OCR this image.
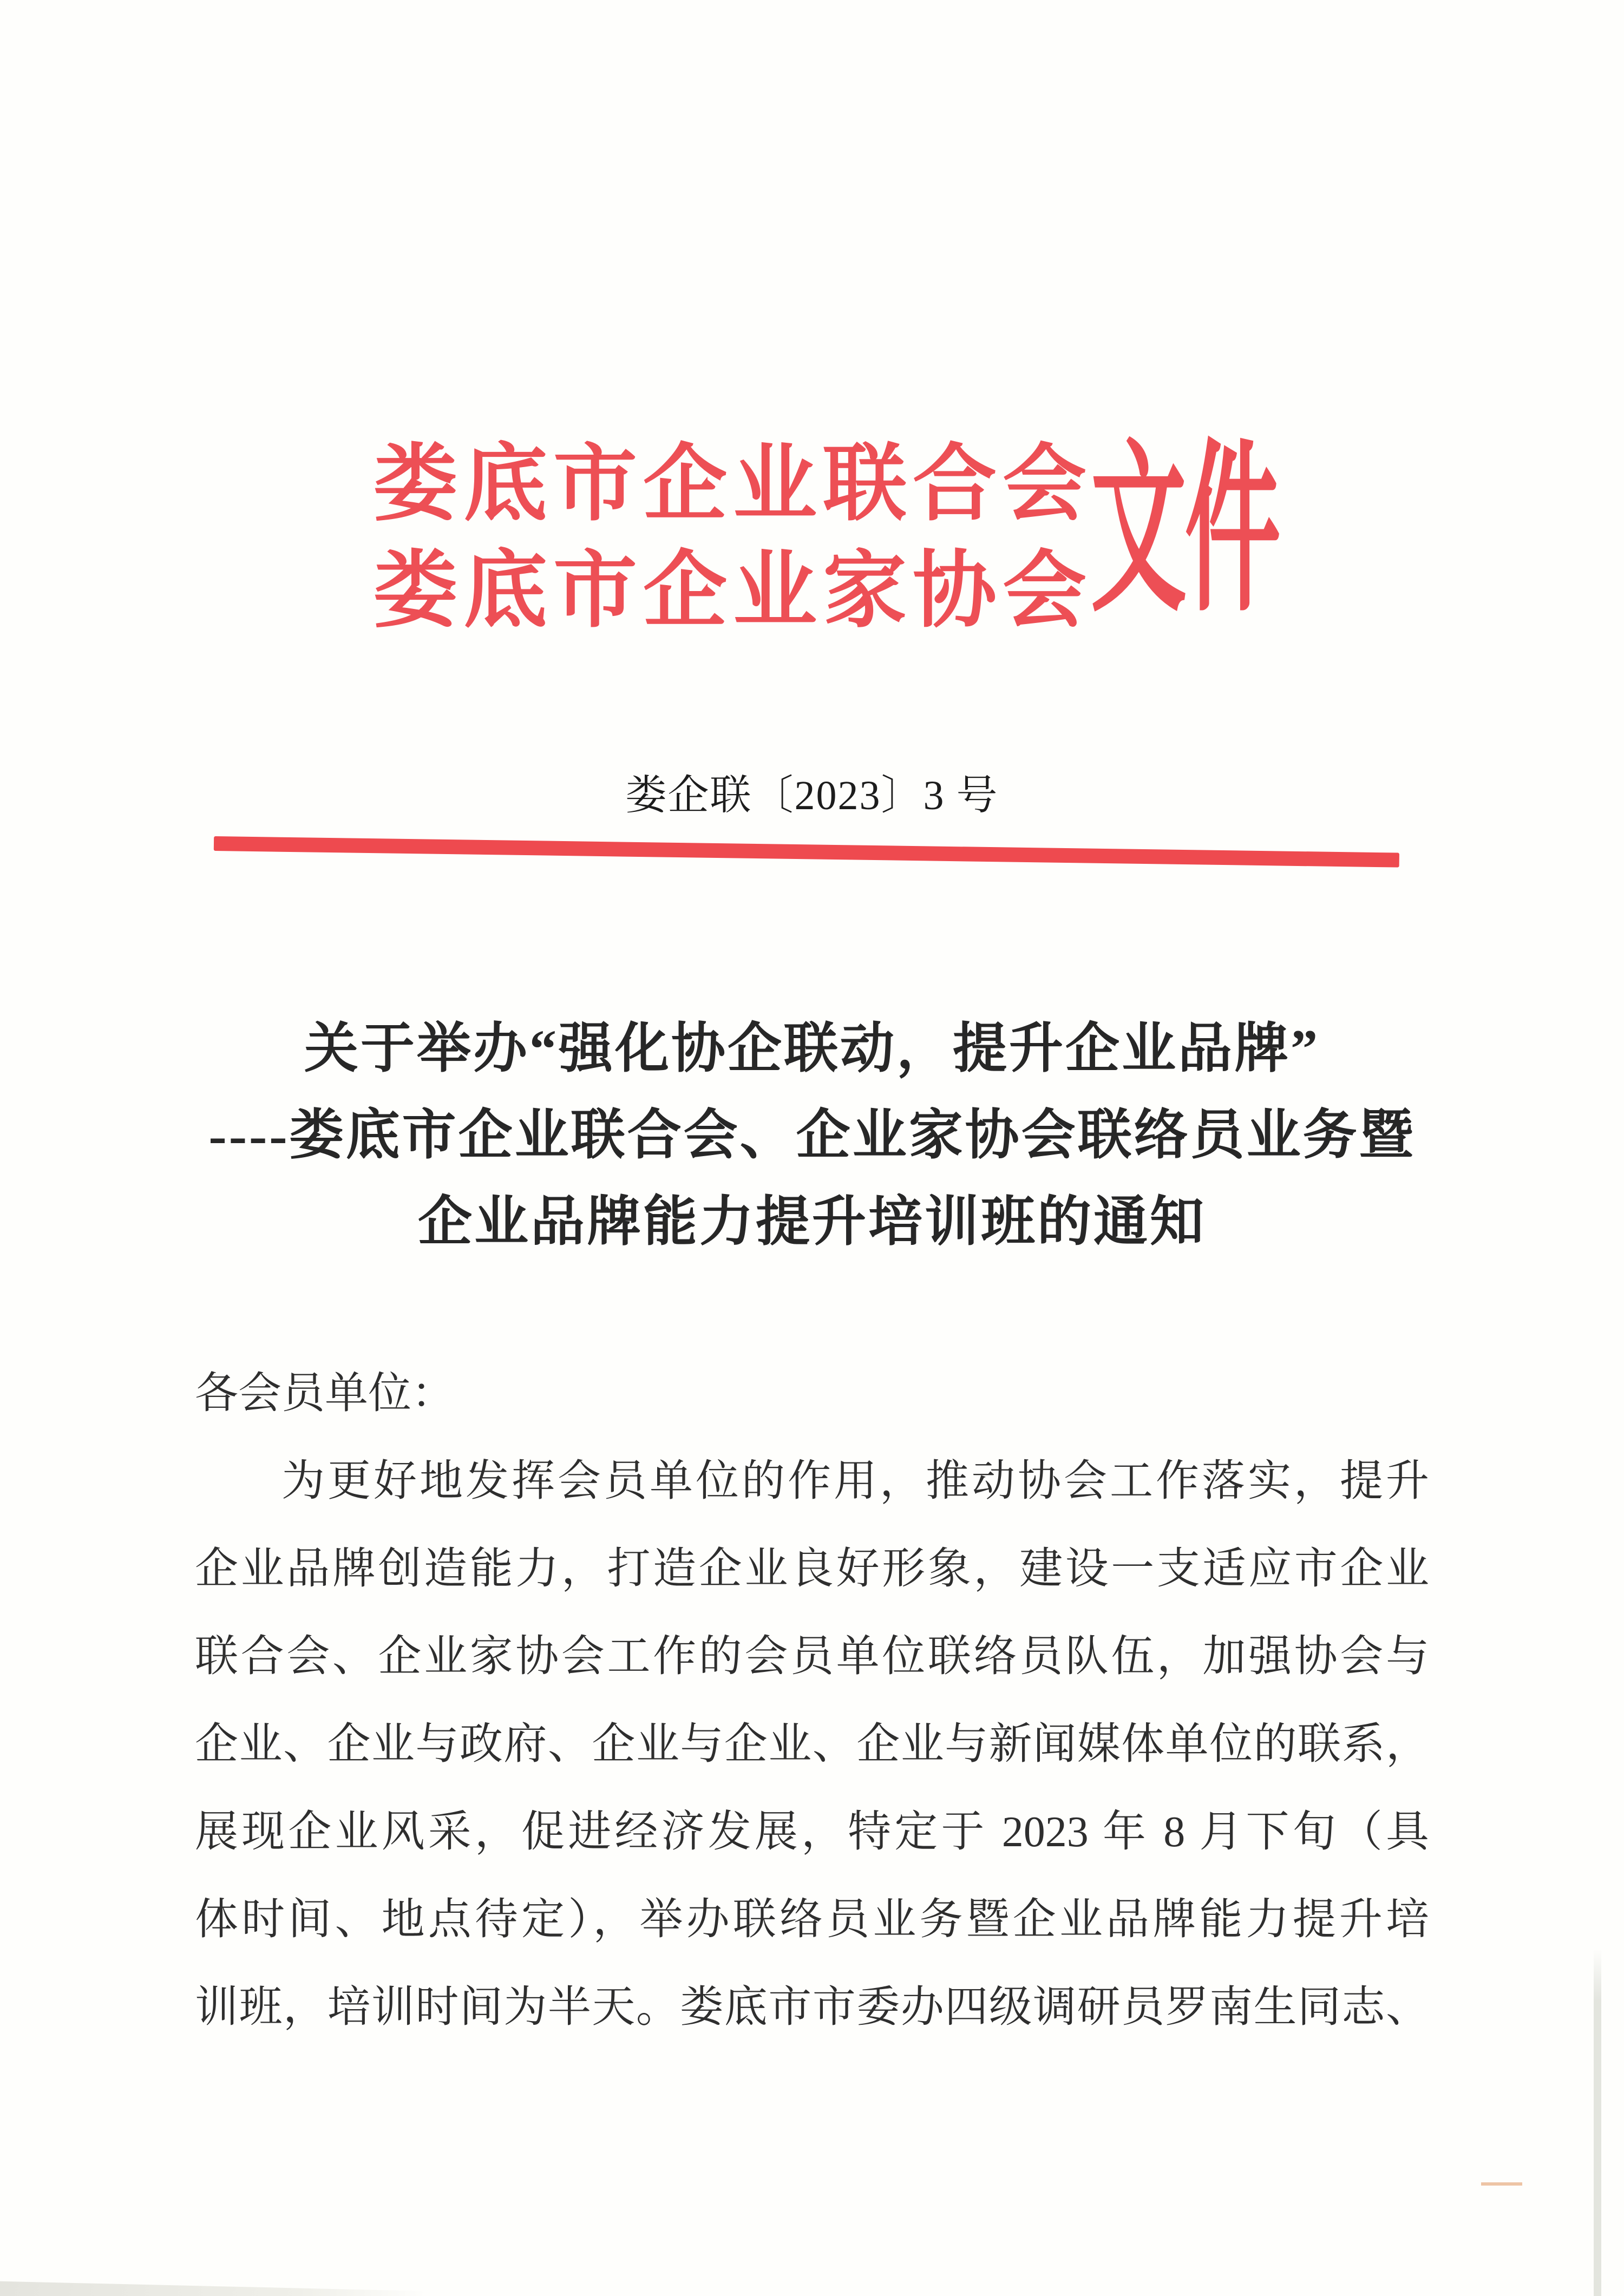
娄底市企业联合会
娄底市企业家协会
文件
娄企联〔2023〕3 号
关于举办“强化协企联动，提升企业品牌”
----娄底市企业联合会、企业家协会联络员业务暨
企业品牌能力提升培训班的通知
各会员单位：
为更好地发挥会员单位的作用，推动协会工作落实，提升
企业品牌创造能力，打造企业良好形象，建设一支适应市企业
联合会、企业家协会工作的会员单位联络员队伍，加强协会与
企业、企业与政府、企业与企业、企业与新闻媒体单位的联系，
展现企业风采，促进经济发展，特定于 2023 年 8 月下旬（具
体时间、地点待定），举办联络员业务暨企业品牌能力提升培
训班，培训时间为半天。娄底市市委办四级调研员罗南生同志、
